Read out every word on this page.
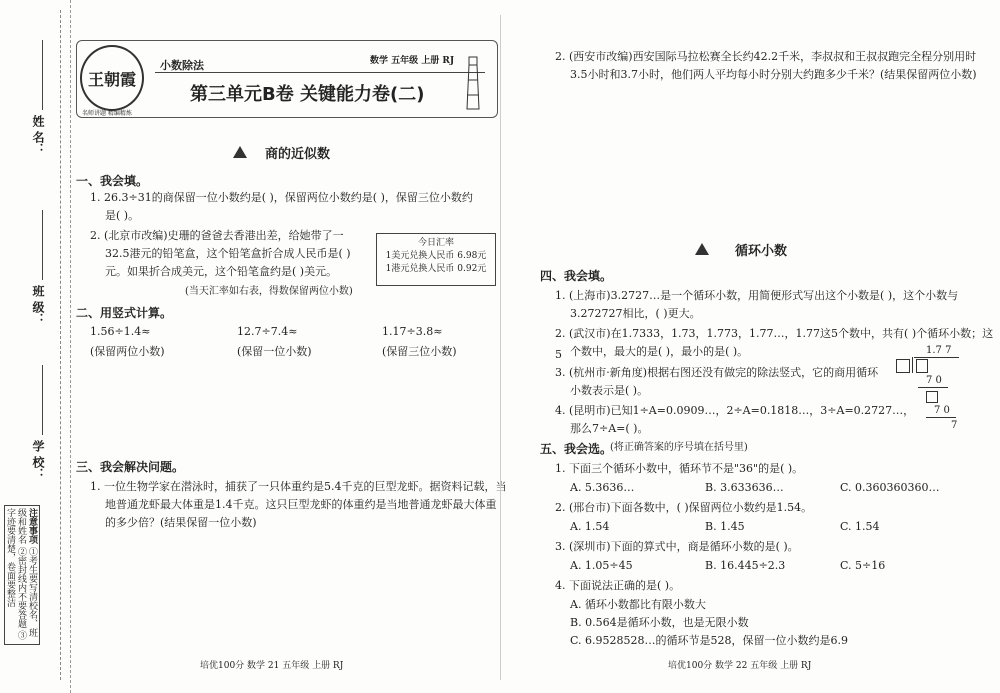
姓 名：
班 级：
学 校：
注意事项 ①考生要写清校名、班级和姓名 ②密封线内不要答题 ③字迹要清楚，卷面要整洁
王朝霞
名师讲题 精编精炼
小数除法	数学 五年级 上册 RJ
第三单元B卷 关键能力卷(二)
商的近似数
一、我会填。
1. 26.3÷31的商保留一位小数约是( )，保留两位小数约是( )，保留三位小数约
是( )。
2. (北京市改编)史珊的爸爸去香港出差，给她带了一
32.5港元的铅笔盒，这个铅笔盒折合成人民币是( )
元。如果折合成美元，这个铅笔盒约是( )美元。
(当天汇率如右表，得数保留两位小数)
今日汇率
1美元兑换人民币 6.98元
1港元兑换人民币 0.92元
二、用竖式计算。
1.56÷1.4≈	12.7÷7.4≈	1.17÷3.8≈
(保留两位小数)	(保留一位小数)	(保留三位小数)
三、我会解决问题。
1. 一位生物学家在潜泳时，捕获了一只体重约是5.4千克的巨型龙虾。据资料记载，当
地普通龙虾最大体重是1.4千克。这只巨型龙虾的体重约是当地普通龙虾最大体重
的多少倍？(结果保留一位小数)
培优100分 数学 21 五年级 上册 RJ
2. (西安市改编)西安国际马拉松赛全长约42.2千米，李叔叔和王叔叔跑完全程分别用时
3.5小时和3.7小时，他们两人平均每小时分别大约跑多少千米？(结果保留两位小数)
循环小数
四、我会填。
1. (上海市)3.2727…是一个循环小数，用简便形式写出这个小数是( )，这个小数与
3.272727相比，( )更大。
2. (武汉市)在1.7333，1.73，1.773，1.77…，1.77这5个数中，共有( )个循环小数；这5 个数中，最大的是( )，最小的是( )。
3. (杭州市·新角度)根据右图还没有做完的除法竖式，它的商用循环
小数表示是( )。
4. (昆明市)已知1÷A=0.0909…，2÷A=0.1818…，3÷A=0.2727…，
那么7÷A=( )。
1.7 7
7 0
7 0
7
五、我会选。
(将正确答案的序号填在括号里)
1. 下面三个循环小数中，循环节不是"36"的是( )。
A. 5.3636…	B. 3.633636…	C. 0.360360360…
2. (邢台市)下面各数中，( )保留两位小数约是1.54。
A. 1.54	B. 1.45	C. 1.54
3. (深圳市)下面的算式中，商是循环小数的是( )。
A. 1.05÷45	B. 16.445÷2.3	C. 5÷16
4. 下面说法正确的是( )。
A. 循环小数都比有限小数大
B. 0.564是循环小数，也是无限小数
C. 6.9528528…的循环节是528，保留一位小数约是6.9
培优100分 数学 22 五年级 上册 RJ
